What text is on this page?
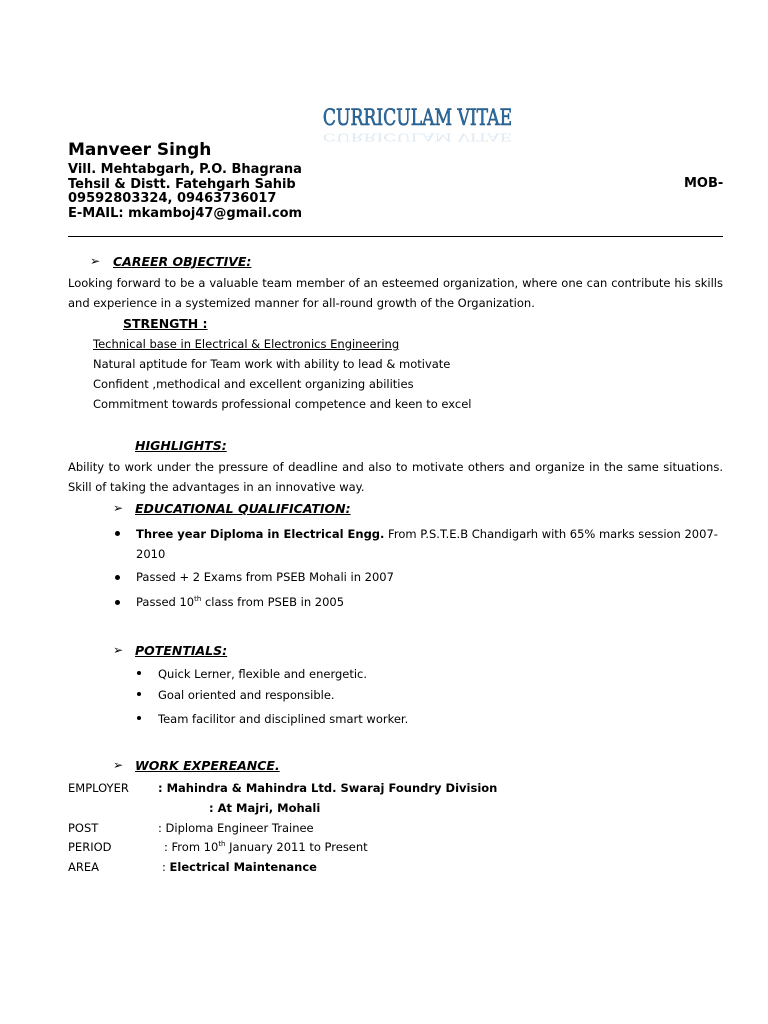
CURRICULAM VITAE
CURRICULAM VITAE
Manveer Singh
Vill. Mehtabgarh, P.O. Bhagrana
Tehsil & Distt. Fatehgarh Sahib	MOB-
09592803324, 09463736017
E-MAIL: mkamboj47@gmail.com
➢ CAREER OBJECTIVE:
Looking forward to be a valuable team member of an esteemed organization, where one can contribute his skills and experience in a systemized manner for all-round growth of the Organization.
STRENGTH :
Technical base in Electrical & Electronics Engineering
Natural aptitude for Team work with ability to lead & motivate
Confident ,methodical and excellent organizing abilities
Commitment towards professional competence and keen to excel
HIGHLIGHTS:
Ability to work under the pressure of deadline and also to motivate others and organize in the same situations. Skill of taking the advantages in an innovative way.
➢ EDUCATIONAL QUALIFICATION:
Three year Diploma in Electrical Engg. From P.S.T.E.B Chandigarh with 65% marks session 2007-
2010
Passed + 2 Exams from PSEB Mohali in 2007
Passed 10th class from PSEB in 2005
➢ POTENTIALS:
Quick Lerner, flexible and energetic.
Goal oriented and responsible.
Team facilitor and disciplined smart worker.
➢ WORK EXPEREANCE.
EMPLOYER	: Mahindra & Mahindra Ltd. Swaraj Foundry Division
: At Majri, Mohali
POST	: Diploma Engineer Trainee
PERIOD	: From 10th January 2011 to Present
AREA	: Electrical Maintenance
